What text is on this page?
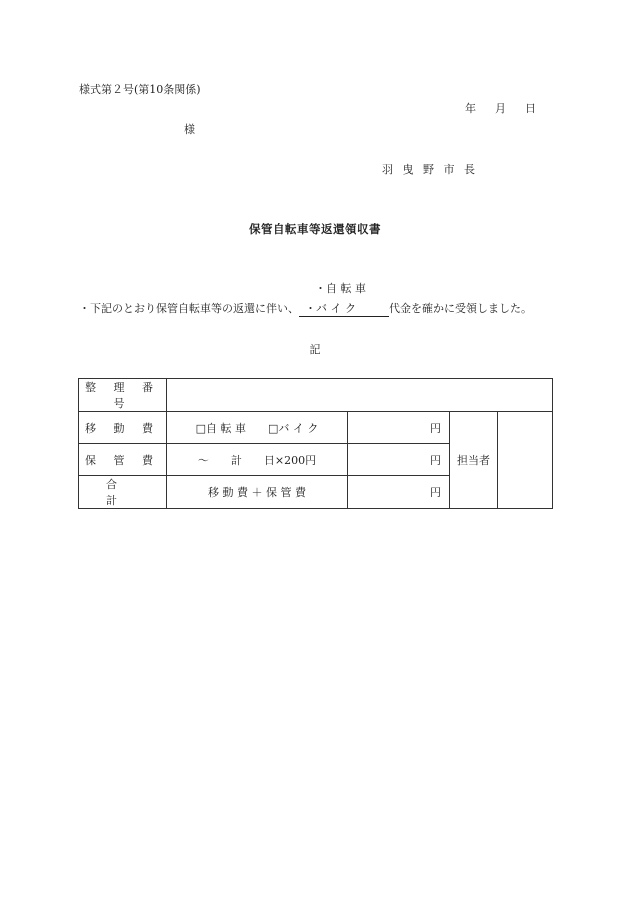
様式第２号(第10条関係)
年 月 日
様
羽 曳 野 市 長
保管自転車等返還領収書
・自 転 車
・下記のとおり保管自転車等の返還に伴い、 ・バ イ ク	代金を確かに受領しました。
記
整 理 番 号				
移 動 費	□自 転 車　　□バ イ ク	円	担当者	
保 管 費	～　　計　　日×200円	円		
合 計	移 動 費 ＋ 保 管 費	円		
